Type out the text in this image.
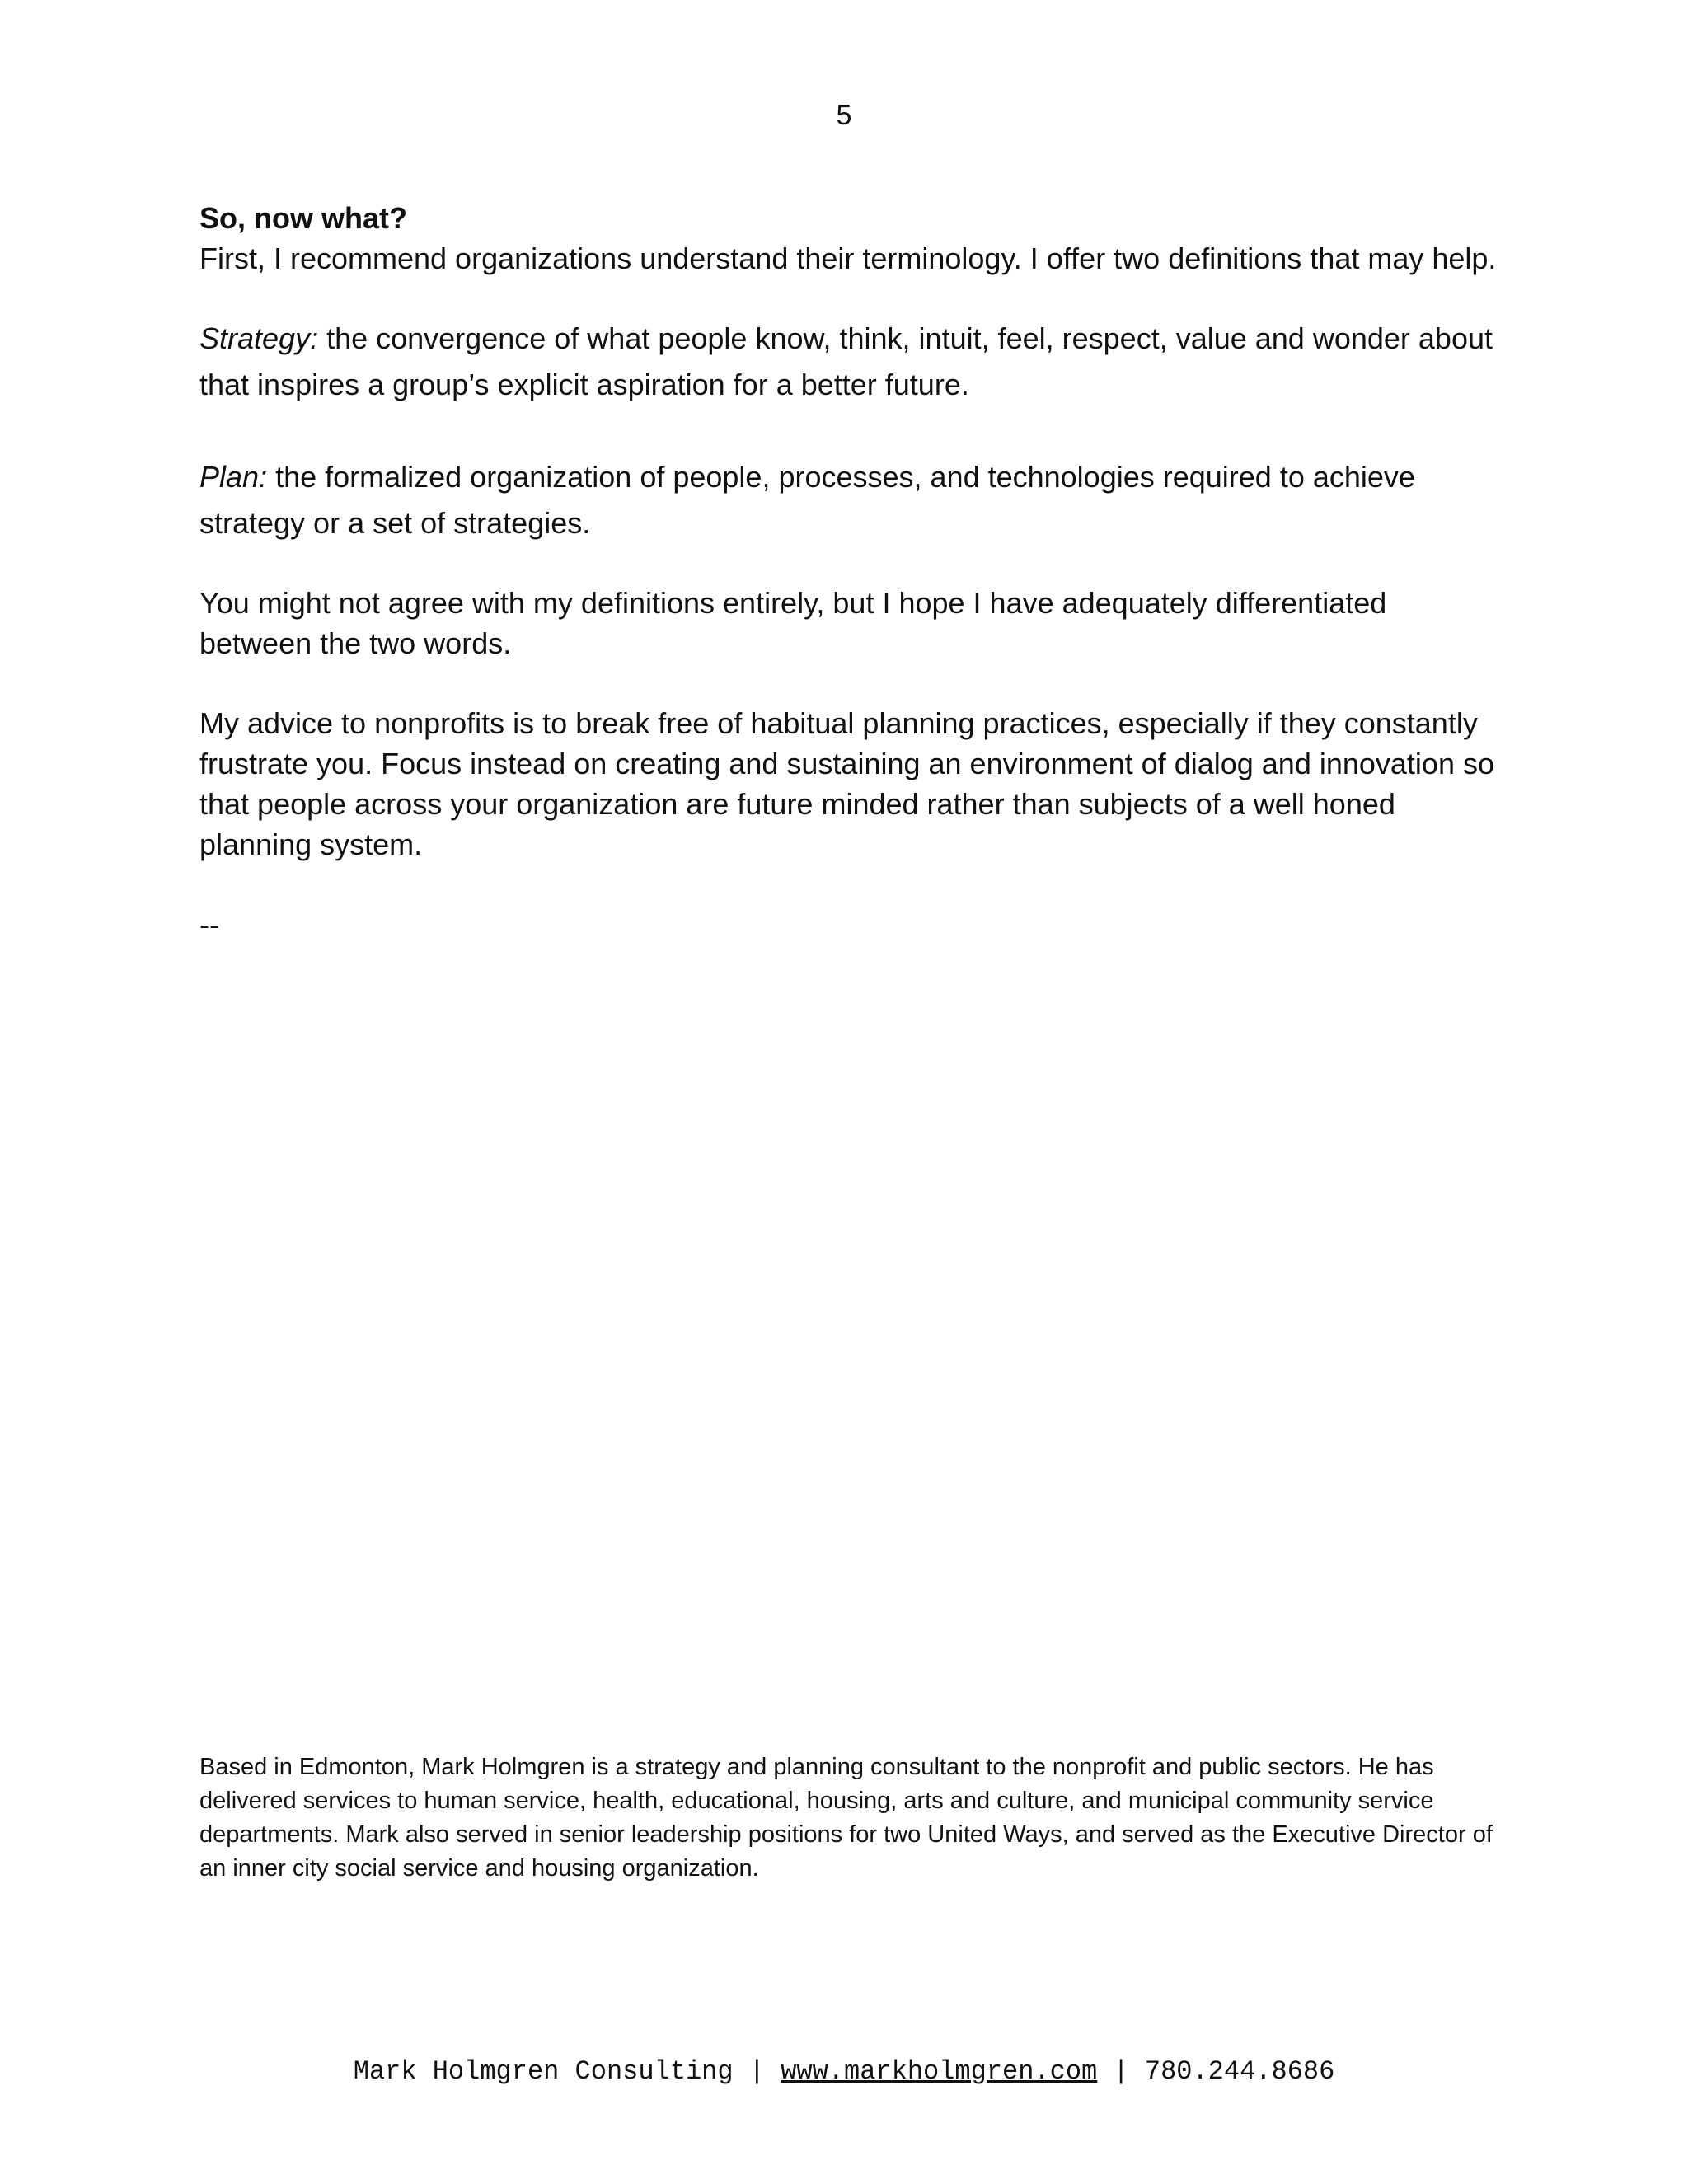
5

So, now what?

First, I recommend organizations understand their terminology. I offer two definitions that may help.

Strategy: the convergence of what people know, think, intuit, feel, respect, value and wonder about that inspires a group’s explicit aspiration for a better future.

Plan: the formalized organization of people, processes, and technologies required to achieve strategy or a set of strategies.

You might not agree with my definitions entirely, but I hope I have adequately differentiated between the two words.

My advice to nonprofits is to break free of habitual planning practices, especially if they constantly frustrate you. Focus instead on creating and sustaining an environment of dialog and innovation so that people across your organization are future minded rather than subjects of a well honed planning system.

--

Based in Edmonton, Mark Holmgren is a strategy and planning consultant to the nonprofit and public sectors. He has delivered services to human service, health, educational, housing, arts and culture, and municipal community service departments. Mark also served in senior leadership positions for two United Ways, and served as the Executive Director of an inner city social service and housing organization.

Mark Holmgren Consulting | www.markholmgren.com | 780.244.8686
